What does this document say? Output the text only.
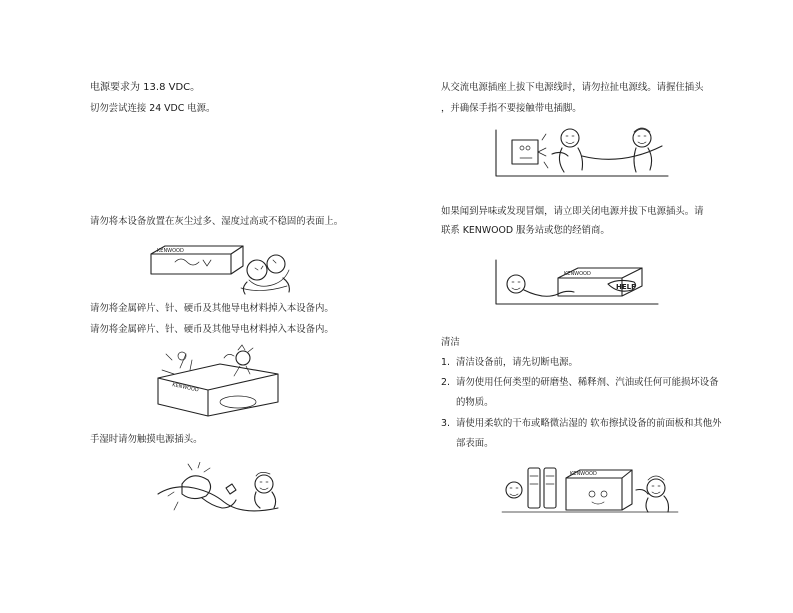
电源要求为 13.8 VDC。
切勿尝试连接 24 VDC 电源。
请勿将本设备放置在灰尘过多、湿度过高或不稳固的表面上。
请勿将金属碎片、针、硬币及其他导电材料掉入本设备内。
请勿将金属碎片、针、硬币及其他导电材料掉入本设备内。
手湿时请勿触摸电源插头。
从交流电源插座上拔下电源线时，请勿拉扯电源线。请握住插头
，并确保手指不要接触带电插脚。
如果闻到异味或发现冒烟，请立即关闭电源并拔下电源插头。请
联系 KENWOOD 服务站或您的经销商。
清洁
1. 清洁设备前，请先切断电源。
2. 请勿使用任何类型的研磨垫、稀释剂、汽油或任何可能损坏设备
的物质。
3. 请使用柔软的干布或略微沾湿的 软布擦拭设备的前面板和其他外
部表面。
KENWOOD
KENWOOD
KENWOOD
HELP
KENWOOD
